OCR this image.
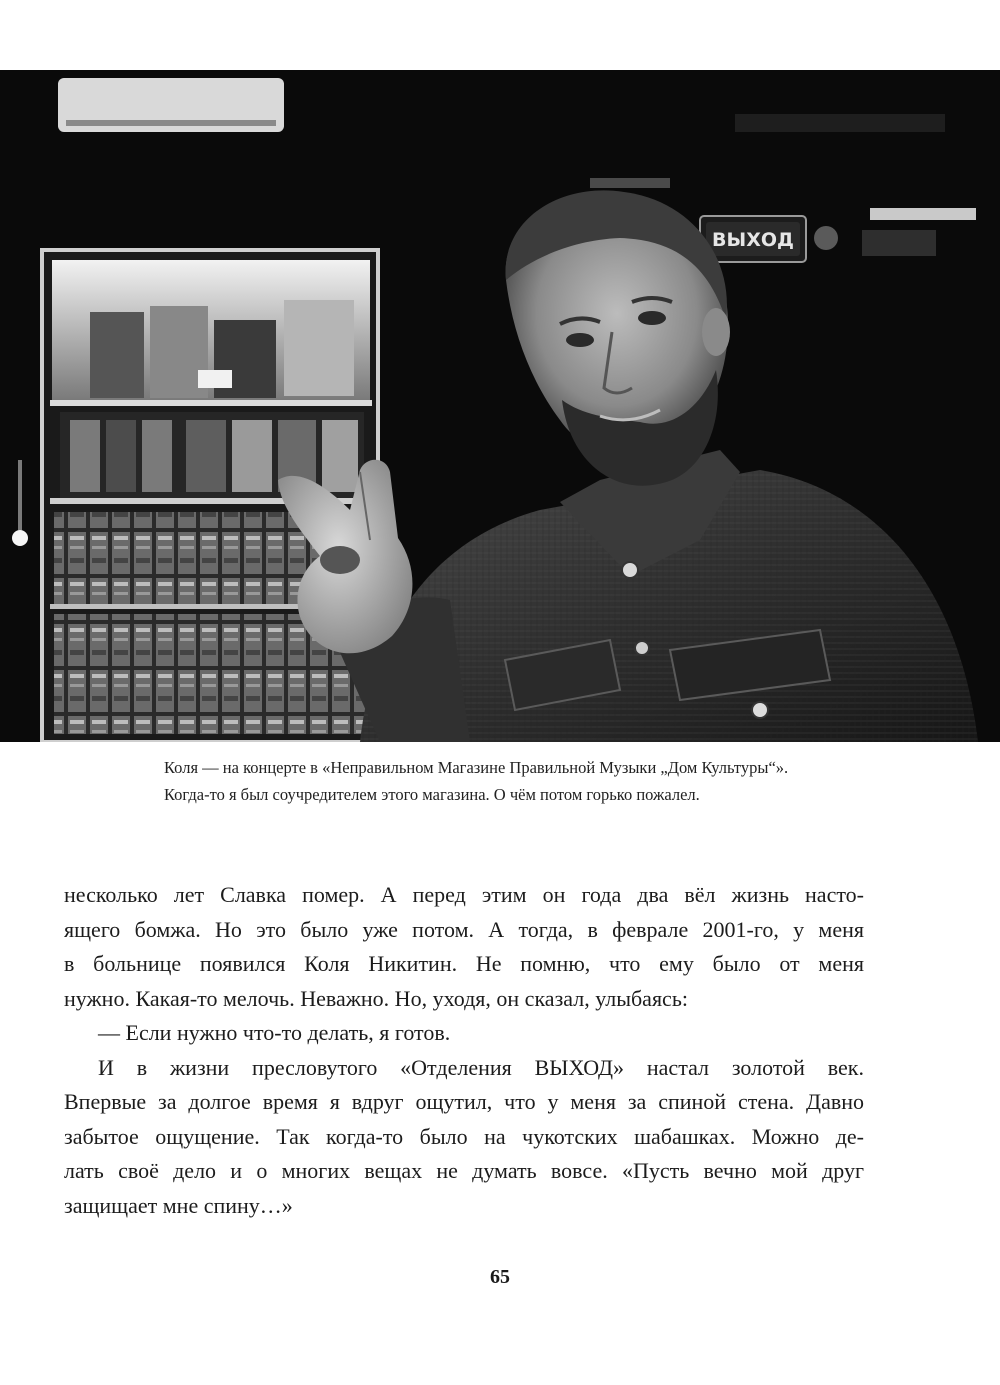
ВЫХОД

Коля — на концерте в «Неправильном Магазине Правильной Музыки „Дом Культуры“».

Когда-то я был соучредителем этого магазина. О чём потом горько пожалел.

несколько лет Славка помер. А перед этим он года два вёл жизнь насто-

ящего бомжа. Но это было уже потом. А тогда, в феврале 2001-го, у меня

в больнице появился Коля Никитин. Не помню, что ему было от меня

нужно. Какая-то мелочь. Неважно. Но, уходя, он сказал, улыбаясь:

— Если нужно что-то делать, я готов.

И в жизни пресловутого «Отделения ВЫХОД» настал золотой век.

Впервые за долгое время я вдруг ощутил, что у меня за спиной стена. Давно

забытое ощущение. Так когда-то было на чукотских шабашках. Можно де-

лать своё дело и о многих вещах не думать вовсе. «Пусть вечно мой друг

защищает мне спину…»

65
